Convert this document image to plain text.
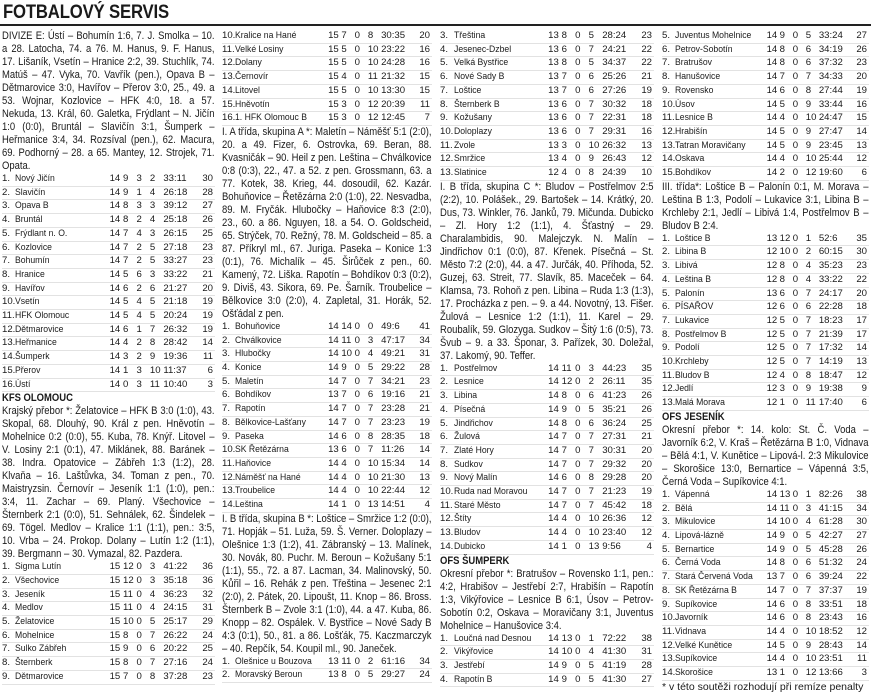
FOTBALOVÝ SERVIS

DIVIZE E: Ústí – Bohumín 1:6, 7. J. Smolka – 10. a 28. Latocha, 74. a 76. M. Hanus, 9. F. Hanus, 17. Lišaník, Vsetín – Hranice 2:2, 39. Stuchlík, 74. Matúš – 47. Vyka, 70. Vavřík (pen.), Opava B – Dětmarovice 3:0, Havířov – Přerov 3:0, 25., 49. a 53. Wojnar, Kozlovice – HFK 4:0, 18. a 57. Nekuda, 13. Král, 60. Galetka, Frýdlant – N. Jičín 1:0 (0:0), Bruntál – Slavičín 3:1, Šumperk – Heřmanice 3:4, 34. Rozsíval (pen.), 62. Macura, 69. Podhorný – 28. a 65. Mantey, 12. Strojek, 71. Opata.

1.	Nový Jičín	14	9	3	2	33:11	30
2.	Slavičín	14	9	1	4	26:18	28
3.	Opava B	14	8	3	3	39:12	27
4.	Bruntál	14	8	2	4	25:18	26
5.	Frýdlant n. O.	14	7	4	3	26:15	25
6.	Kozlovice	14	7	2	5	27:18	23
7.	Bohumín	14	7	2	5	33:27	23
8.	Hranice	14	5	6	3	33:22	21
9.	Havířov	14	6	2	6	21:27	20
10.	Vsetín	14	5	4	5	21:18	19
11.	HFK Olomouc	14	5	4	5	20:24	19
12.	Dětmarovice	14	6	1	7	26:32	19
13.	Heřmanice	14	4	2	8	28:42	14
14.	Šumperk	14	3	2	9	19:36	11
15.	Přerov	14	1	3	10	11:37	6
16.	Ústí	14	0	3	11	10:40	3

KFS OLOMOUC

Krajský přebor *: Želatovice – HFK B 3:0 (1:0), 43. Skopal, 68. Dlouhý, 90. Král z pen. Hněvotín – Mohelnice 0:2 (0:0), 55. Kuba, 78. Knýř. Litovel – V. Losiny 2:1 (0:1), 47. Miklánek, 88. Baránek – 38. Indra. Opatovice – Zábřeh 1:3 (1:2), 28. Klvaňa – 16. Laštůvka, 34. Toman z pen., 70. Maistryzsin. Černovír – Jeseník 1:1 (1:0), pen.: 3:4, 11. Zachar – 69. Planý. Všechovice – Šternberk 2:1 (0:0), 51. Sehnálek, 62. Šindelek – 69. Tögel. Medlov – Kralice 1:1 (1:1), pen.: 3:5, 10. Vrba – 24. Prokop. Dolany – Lutín 1:2 (1:1), 39. Bergmann – 30. Vymazal, 82. Pazdera.

1.	Sigma Lutín	15	12	0	3	41:22	36
2.	Všechovice	15	12	0	3	35:18	36
3.	Jeseník	15	11	0	4	36:23	32
4.	Medlov	15	11	0	4	24:15	31
5.	Želatovice	15	10	0	5	25:17	29
6.	Mohelnice	15	8	0	7	26:22	24
7.	Sulko Zábřeh	15	9	0	6	20:22	25
8.	Šternberk	15	8	0	7	27:16	24
9.	Dětmarovice	15	7	0	8	37:28	23
10.	Kralice na Hané	15	7	0	8	30:35	20
11.	Velké Losiny	15	5	0	10	23:22	16
12.	Dolany	15	5	0	10	24:28	16
13.	Černovír	15	4	0	11	21:32	15
14.	Litovel	15	5	0	10	13:30	15
15.	Hněvotín	15	3	0	12	20:39	11
16.	1. HFK Olomouc B	15	3	0	12	12:45	7

I. A třída, skupina A *: Maletín – Náměšť 5:1 (2:0), 20. a 49. Fizer, 6. Ostrovka, 69. Beran, 88. Kvasničák – 90. Heil z pen. Leština – Chválkovice 0:8 (0:3), 22., 47. a 52. z pen. Grossmann, 63. a 77. Kotek, 38. Krieg, 44. dosoudil, 62. Kazár. Bohuňovice – Řetězárna 2:0 (1:0), 22. Nesvadba, 89. M. Fryčák. Hlubočky – Haňovice 8:3 (2:0), 23., 60. a 86. Nguyen, 18. a 54. O. Goldscheid, 65. Strýček, 70. Režný, 78. M. Goldscheid – 85. a 87. Příkryl ml., 67. Juriga. Paseka – Konice 1:3 (0:1), 76. Michalík – 45. Širůček z pen., 60. Kamený, 72. Liška. Rapotín – Bohdíkov 0:3 (0:2), 9. Diviš, 43. Sikora, 69. Pe. Šarník. Troubelice – Bělkovice 3:0 (2:0), 4. Zapletal, 31. Horák, 52. Ošťádal z pen.

1.	Bohuňovice	14	14	0	0	49:6	41
2.	Chválkovice	14	11	0	3	47:17	34
3.	Hlubočky	14	10	0	4	49:21	31
4.	Konice	14	9	0	5	29:22	28
5.	Maletín	14	7	0	7	34:21	23
6.	Bohdíkov	13	7	0	6	19:16	21
7.	Rapotín	14	7	0	7	23:28	21
8.	Bělkovice-Lašťany	14	7	0	7	23:23	19
9.	Paseka	14	6	0	8	28:35	18
10.	SK Řetězárna	13	6	0	7	11:26	14
11.	Haňovice	14	4	0	10	15:34	14
12.	Náměšť na Hané	14	4	0	10	21:30	13
13.	Troubelice	14	4	0	10	22:44	12
14.	Leština	14	1	0	13	14:51	4

I. B třída, skupina B *: Loštice – Smržice 1:2 (0:0), 71. Hopják – 51. Luža, 59. Š. Verner. Doloplazy – Olešnice 1:3 (1:2), 41. Zábranský – 13. Malínek, 30. Novák, 80. Puchr. M. Beroun – Kožušany 5:1 (1:1), 55., 72. a 87. Lacman, 34. Malinovský, 50. Kůřil – 16. Rehák z pen. Třeština – Jesenec 2:1 (2:0), 2. Pátek, 20. Lipoušt, 11. Knop – 86. Bross. Šternberk B – Zvole 3:1 (1:0), 44. a 47. Kuba, 86. Knopp – 82. Ospálek. V. Bystřice – Nové Sady B 4:3 (0:1), 50., 81. a 86. Lošťák, 75. Kaczmarczyk – 40. Repčík, 54. Koupil ml., 90. Janeček.

1.	Olešnice u Bouzova	13	11	0	2	61:16	34
2.	Moravský Beroun	13	8	0	5	29:27	24
3.	Třeština	13	8	0	5	28:24	23
4.	Jesenec-Dzbel	13	6	0	7	24:21	22
5.	Velká Bystřice	13	8	0	5	34:37	22
6.	Nové Sady B	13	7	0	6	25:26	21
7.	Loštice	13	7	0	6	27:26	19
8.	Šternberk B	13	6	0	7	30:32	18
9.	Kožušany	13	6	0	7	22:31	18
10.	Doloplazy	13	6	0	7	29:31	16
11.	Zvole	13	3	0	10	26:32	13
12.	Smržice	13	4	0	9	26:43	12
13.	Slatinice	12	4	0	8	24:39	10

I. B třída, skupina C *: Bludov – Postřelmov 2:5 (2:2), 10. Polášek., 29. Bartošek – 14. Krátký, 20. Dus, 73. Winkler, 76. Janků, 79. Mičunda. Dubicko – Zl. Hory 1:2 (1:1), 4. Šťastný – 29. Charalambidis, 90. Malejczyk. N. Malín – Jindřichov 0:1 (0:0), 87. Křenek. Písečná – St. Město 7:2 (2:0), 44. a 47. Jurčák, 40. Příhoda, 52. Guzej, 63. Streit, 77. Slavík, 85. Maceček – 64. Klamsa, 73. Rohoň z pen. Libina – Ruda 1:3 (1:3), 17. Procházka z pen. – 9. a 44. Novotný, 13. Fišer. Žulová – Lesnice 1:2 (1:1), 11. Karel – 29. Roubalík, 59. Glozyga. Sudkov – Šitý 1:6 (0:5), 73. Švub – 9. a 33. Šponar, 3. Pařízek, 30. Doležal, 37. Lakomý, 90. Teffer.

1.	Postřelmov	14	11	0	3	44:23	35
2.	Lesnice	14	12	0	2	26:11	35
3.	Libina	14	8	0	6	41:23	26
4.	Písečná	14	9	0	5	35:21	26
5.	Jindřichov	14	8	0	6	36:24	25
6.	Žulová	14	7	0	7	27:31	21
7.	Zlaté Hory	14	7	0	7	30:31	20
8.	Sudkov	14	7	0	7	29:32	20
9.	Nový Malín	14	6	0	8	29:28	20
10.	Ruda nad Moravou	14	7	0	7	21:23	19
11.	Staré Město	14	7	0	7	45:42	18
12.	Štíty	14	4	0	10	26:36	12
13.	Bludov	14	4	0	10	23:40	12
14.	Dubicko	14	1	0	13	9:56	4

OFS ŠUMPERK

Okresní přebor *: Bratrušov – Rovensko 1:1, pen.: 4:2, Hrabišov – Jestřebí 2:7, Hrabišín – Rapotín 1:3, Vikýřovice – Lesnice B 6:1, Úsov – Petrov-Sobotín 0:2, Oskava – Moravičany 3:1, Juventus Mohelnice – Hanušovice 3:4.

1.	Loučná nad Desnou	14	13	0	1	72:22	38
2.	Vikýřovice	14	10	0	4	41:30	31
3.	Jestřebí	14	9	0	5	41:19	28
4.	Rapotín B	14	9	0	5	41:30	27
5.	Juventus Mohelnice	14	9	0	5	33:24	27
6.	Petrov-Sobotín	14	8	0	6	34:19	26
7.	Bratrušov	14	8	0	6	37:32	23
8.	Hanušovice	14	7	0	7	34:33	20
9.	Rovensko	14	6	0	8	27:44	19
10.	Úsov	14	5	0	9	33:44	16
11.	Lesnice B	14	4	0	10	24:47	15
12.	Hrabišín	14	5	0	9	27:47	14
13.	Tatran Moravičany	14	5	0	9	23:45	13
14.	Oskava	14	4	0	10	25:44	12
15.	Bohdíkov	14	2	0	12	19:60	6

III. třída*: Loštice B – Palonín 0:1, M. Morava – Leština B 1:3, Podolí – Lukavice 3:1, Libina B – Krchleby 2:1, Jedlí – Libivá 1:4, Postřelmov B – Bludov B 2:4.

1.	Loštice B	13	12	0	1	52:6	35
2.	Libina B	12	10	0	2	60:15	30
3.	Libivá	12	8	0	4	35:23	23
4.	Leština B	12	8	0	4	33:22	22
5.	Palonín	13	6	0	7	24:17	20
6.	PÍSAŘOV	12	6	0	6	22:28	18
7.	Lukavice	12	5	0	7	18:23	17
8.	Postřelmov B	12	5	0	7	21:39	17
9.	Podolí	12	5	0	7	17:32	14
10.	Krchleby	12	5	0	7	14:19	13
11.	Bludov B	12	4	0	8	18:47	12
12.	Jedlí	12	3	0	9	19:38	9
13.	Malá Morava	12	1	0	11	17:40	6

OFS JESENÍK

Okresní přebor *: 14. kolo: St. Č. Voda – Javorník 6:2, V. Kraš – Řetězárna B 1:0, Vidnava – Bělá 4:1, V. Kunětice – Lipová-l. 2:3 Mikulovice – Skorošice 13:0, Bernartice – Vápenná 3:5, Černá Voda – Supíkovice 4:1.

1.	Vápenná	14	13	0	1	82:26	38
2.	Bělá	14	11	0	3	41:15	34
3.	Mikulovice	14	10	0	4	61:28	30
4.	Lipová-lázně	14	9	0	5	42:27	27
5.	Bernartice	14	9	0	5	45:28	26
6.	Černá Voda	14	8	0	6	51:32	24
7.	Stará Červená Voda	13	7	0	6	39:24	22
8.	SK Řetězárna B	14	7	0	7	37:37	19
9.	Supíkovice	14	6	0	8	33:51	18
10.	Javorník	14	6	0	8	23:43	16
11.	Vidnava	14	4	0	10	18:52	12
12.	Velké Kunětice	14	5	0	9	28:43	14
13.	Supíkovice	14	4	0	10	23:51	11
14.	Skorošice	13	1	0	12	13:66	3

* v této soutěži rozhodují při remíze penalty
